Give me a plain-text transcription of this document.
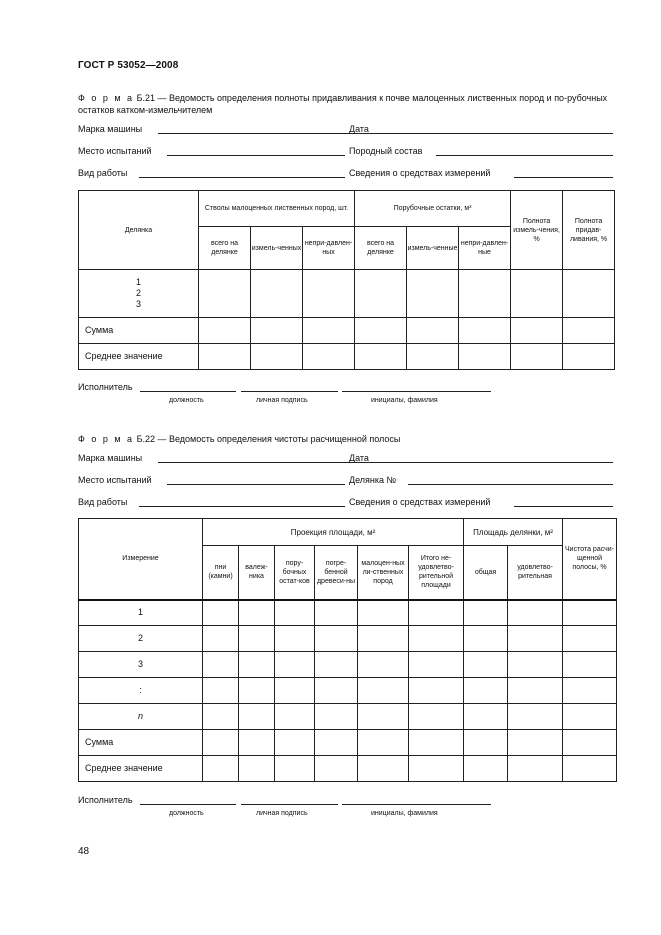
ГОСТ Р 53052—2008
Ф о р м а Б.21 — Ведомость определения полноты придавливания к почве малоценных лиственных пород и по-рубочных остатков катком-измельчителем
Марка машины	Дата
Место испытаний	Породный состав
Вид работы	Сведения о средствах измерений
Делянка	Стволы малоценных лиственных пород, шт.			Порубочные остатки, м³			Полнота измель-чения, %	Полнота придав-ливания, %
	всего на делянке	измель-ченных	непри-давлен-ных	всего на делянке	измель-ченные	непри-давлен-ные		

1
2
3								

Сумма								
Среднее значение								
Исполнитель
должность	личная подпись	инициалы, фамилия
Ф о р м а Б.22 — Ведомость определения чистоты расчищенной полосы
Марка машины	Дата
Место испытаний	Делянка №
Вид работы	Сведения о средствах измерений
Измерение	Проекция площади, м²						Площадь делянки, м²		Чистота расчи-щенной полосы, %
	пни (камни)	валеж-ника	пору-бочных остат-ков	погре-бенной древеси-ны	малоцен-ных ли-ственных пород	Итого не-удовлетво-рительной площади	общая	удовлетво-рительная	
1									
2									
3									
:									
n									
Сумма									
Среднее значение									
Исполнитель
должность	личная подпись	инициалы, фамилия
48
